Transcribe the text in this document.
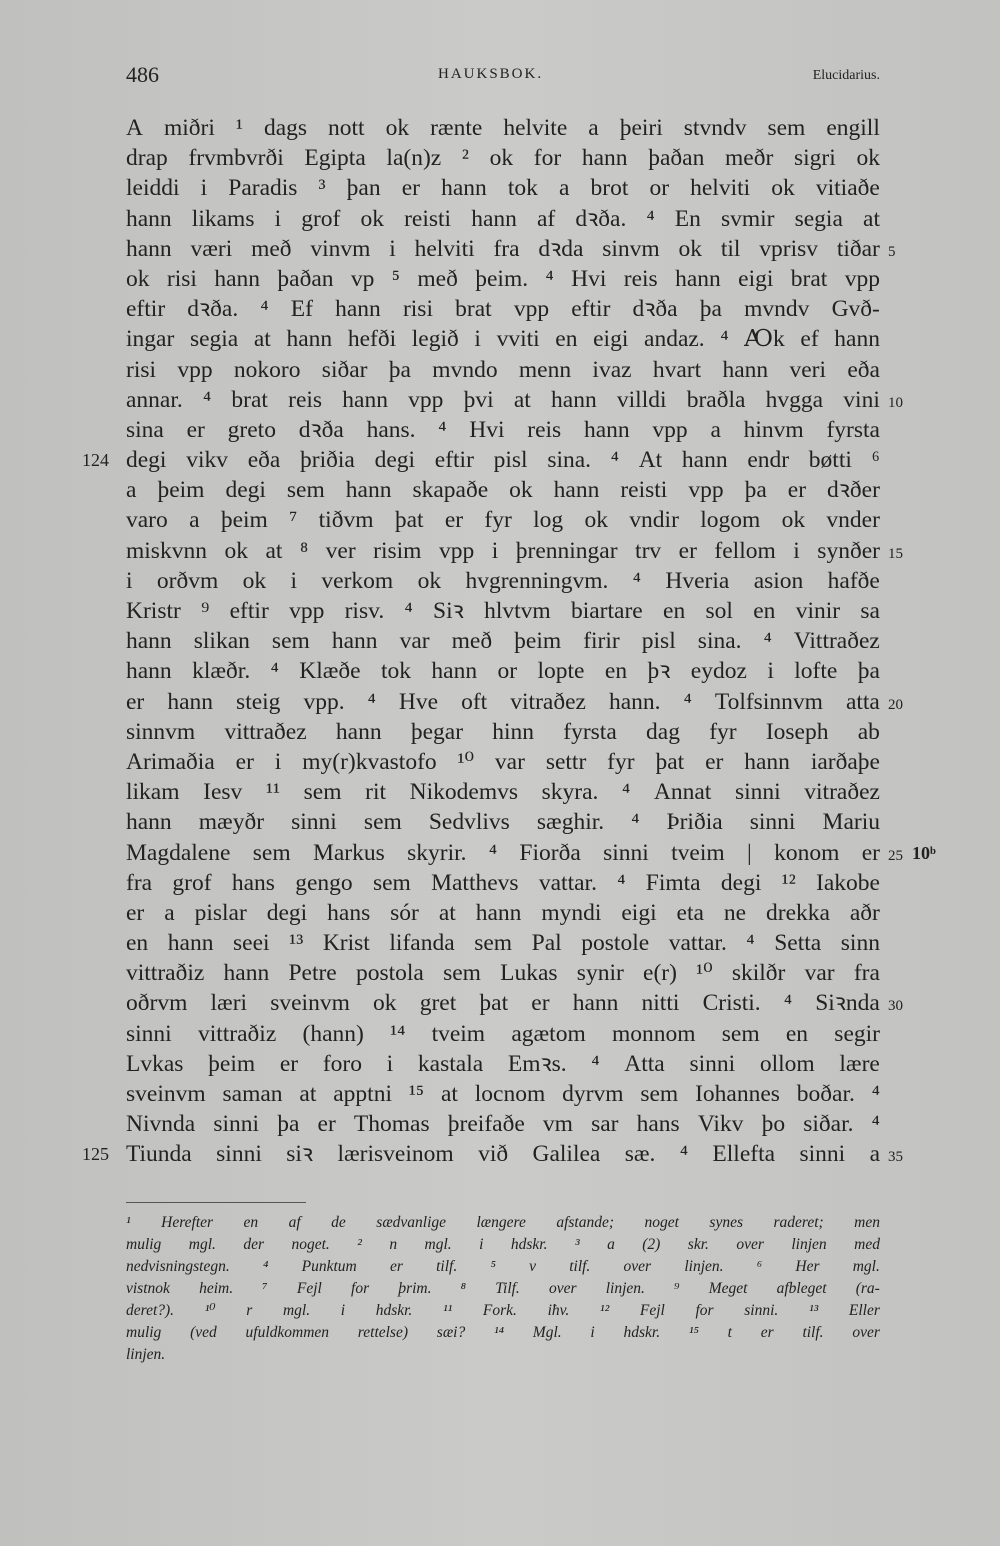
486	HAUKSBOK.	Elucidarius.
A miðri ¹ dags nott ok rænte helvite a þeiri stvndv sem engill
drap frvmbvrði Egipta la(n)z ² ok for hann þaðan meðr sigri ok
leiddi i Paradis ³ þan er hann tok a brot or helviti ok vitiaðe
hann likams i grof ok reisti hann af dꝛða. ⁴ En svmir segia at
hann væri með vinvm i helviti fra dꝛda sinvm ok til vprisv tiðar 5
ok risi hann þaðan vp ⁵ með þeim. ⁴ Hvi reis hann eigi brat vpp
eftir dꝛða. ⁴ Ef hann risi brat vpp eftir dꝛða þa mvndv Gvð-
ingar segia at hann hefði legið i vviti en eigi andaz. ⁴ Ꜵk ef hann
risi vpp nokoro siðar þa mvndo menn ivaz hvart hann veri eða
annar. ⁴ brat reis hann vpp þvi at hann villdi braðla hvgga vini 10
sina er greto dꝛða hans. ⁴ Hvi reis hann vpp a hinvm fyrsta
degi vikv eða þriðia degi eftir pisl sina. ⁴ At hann endr bøtti ⁶
124
a þeim degi sem hann skapaðe ok hann reisti vpp þa er dꝛðer
varo a þeim ⁷ tiðvm þat er fyr log ok vndir logom ok vnder
miskvnn ok at ⁸ ver risim vpp i þrenningar trv er fellom i synðer 15
i orðvm ok i verkom ok hvgrenningvm. ⁴ Hveria asion hafðe
Kristr ⁹ eftir vpp risv. ⁴ Siꝛ hlvtvm biartare en sol en vinir sa
hann slikan sem hann var með þeim firir pisl sina. ⁴ Vittraðez
hann klæðr. ⁴ Klæðe tok hann or lopte en þꝛ eydoz i lofte þa
er hann steig vpp. ⁴ Hve oft vitraðez hann. ⁴ Tolfsinnvm atta 20
sinnvm vittraðez hann þegar hinn fyrsta dag fyr Ioseph ab
Arimaðia er i my(r)kvastofo ¹⁰ var settr fyr þat er hann iarðaþe
likam Iesv ¹¹ sem rit Nikodemvs skyra. ⁴ Annat sinni vitraðez
hann mæyðr sinni sem Sedvlivs sæghir. ⁴ Þriðia sinni Mariu
Magdalene sem Markus skyrir. ⁴ Fiorða sinni tveim | konom er 25 10ᵇ
fra grof hans gengo sem Matthevs vattar. ⁴ Fimta degi ¹² Iakobe
er a pislar degi hans sór at hann myndi eigi eta ne drekka aðr
en hann seei ¹³ Krist lifanda sem Pal postole vattar. ⁴ Setta sinn
vittraðiz hann Petre postola sem Lukas synir e(r) ¹⁰ skilðr var fra
oðrvm læri sveinvm ok gret þat er hann nitti Cristi. ⁴ Siꝛnda 30
sinni vittraðiz (hann) ¹⁴ tveim agætom monnom sem en segir
Lvkas þeim er foro i kastala Emꝛs. ⁴ Atta sinni ollom lære
sveinvm saman at apptni ¹⁵ at locnom dyrvm sem Iohannes boðar. ⁴
Nivnda sinni þa er Thomas þreifaðe vm sar hans Vikv þo siðar. ⁴
Tiunda sinni siꝛ lærisveinom við Galilea sæ. ⁴ Ellefta sinni a
125	35
¹ Herefter en af de sædvanlige længere afstande; noget synes raderet; men
mulig mgl. der noget. ² n mgl. i hdskr. ³ a (2) skr. over linjen med
nedvisningstegn. ⁴ Punktum er tilf. ⁵ v tilf. over linjen. ⁶ Her mgl.
vistnok heim. ⁷ Fejl for þrim. ⁸ Tilf. over linjen. ⁹ Meget afbleget (ra-
deret?). ¹⁰ r mgl. i hdskr. ¹¹ Fork. iħv. ¹² Fejl for sinni. ¹³ Eller
mulig (ved ufuldkommen rettelse) sæi? ¹⁴ Mgl. i hdskr. ¹⁵ t er tilf. over
linjen.
